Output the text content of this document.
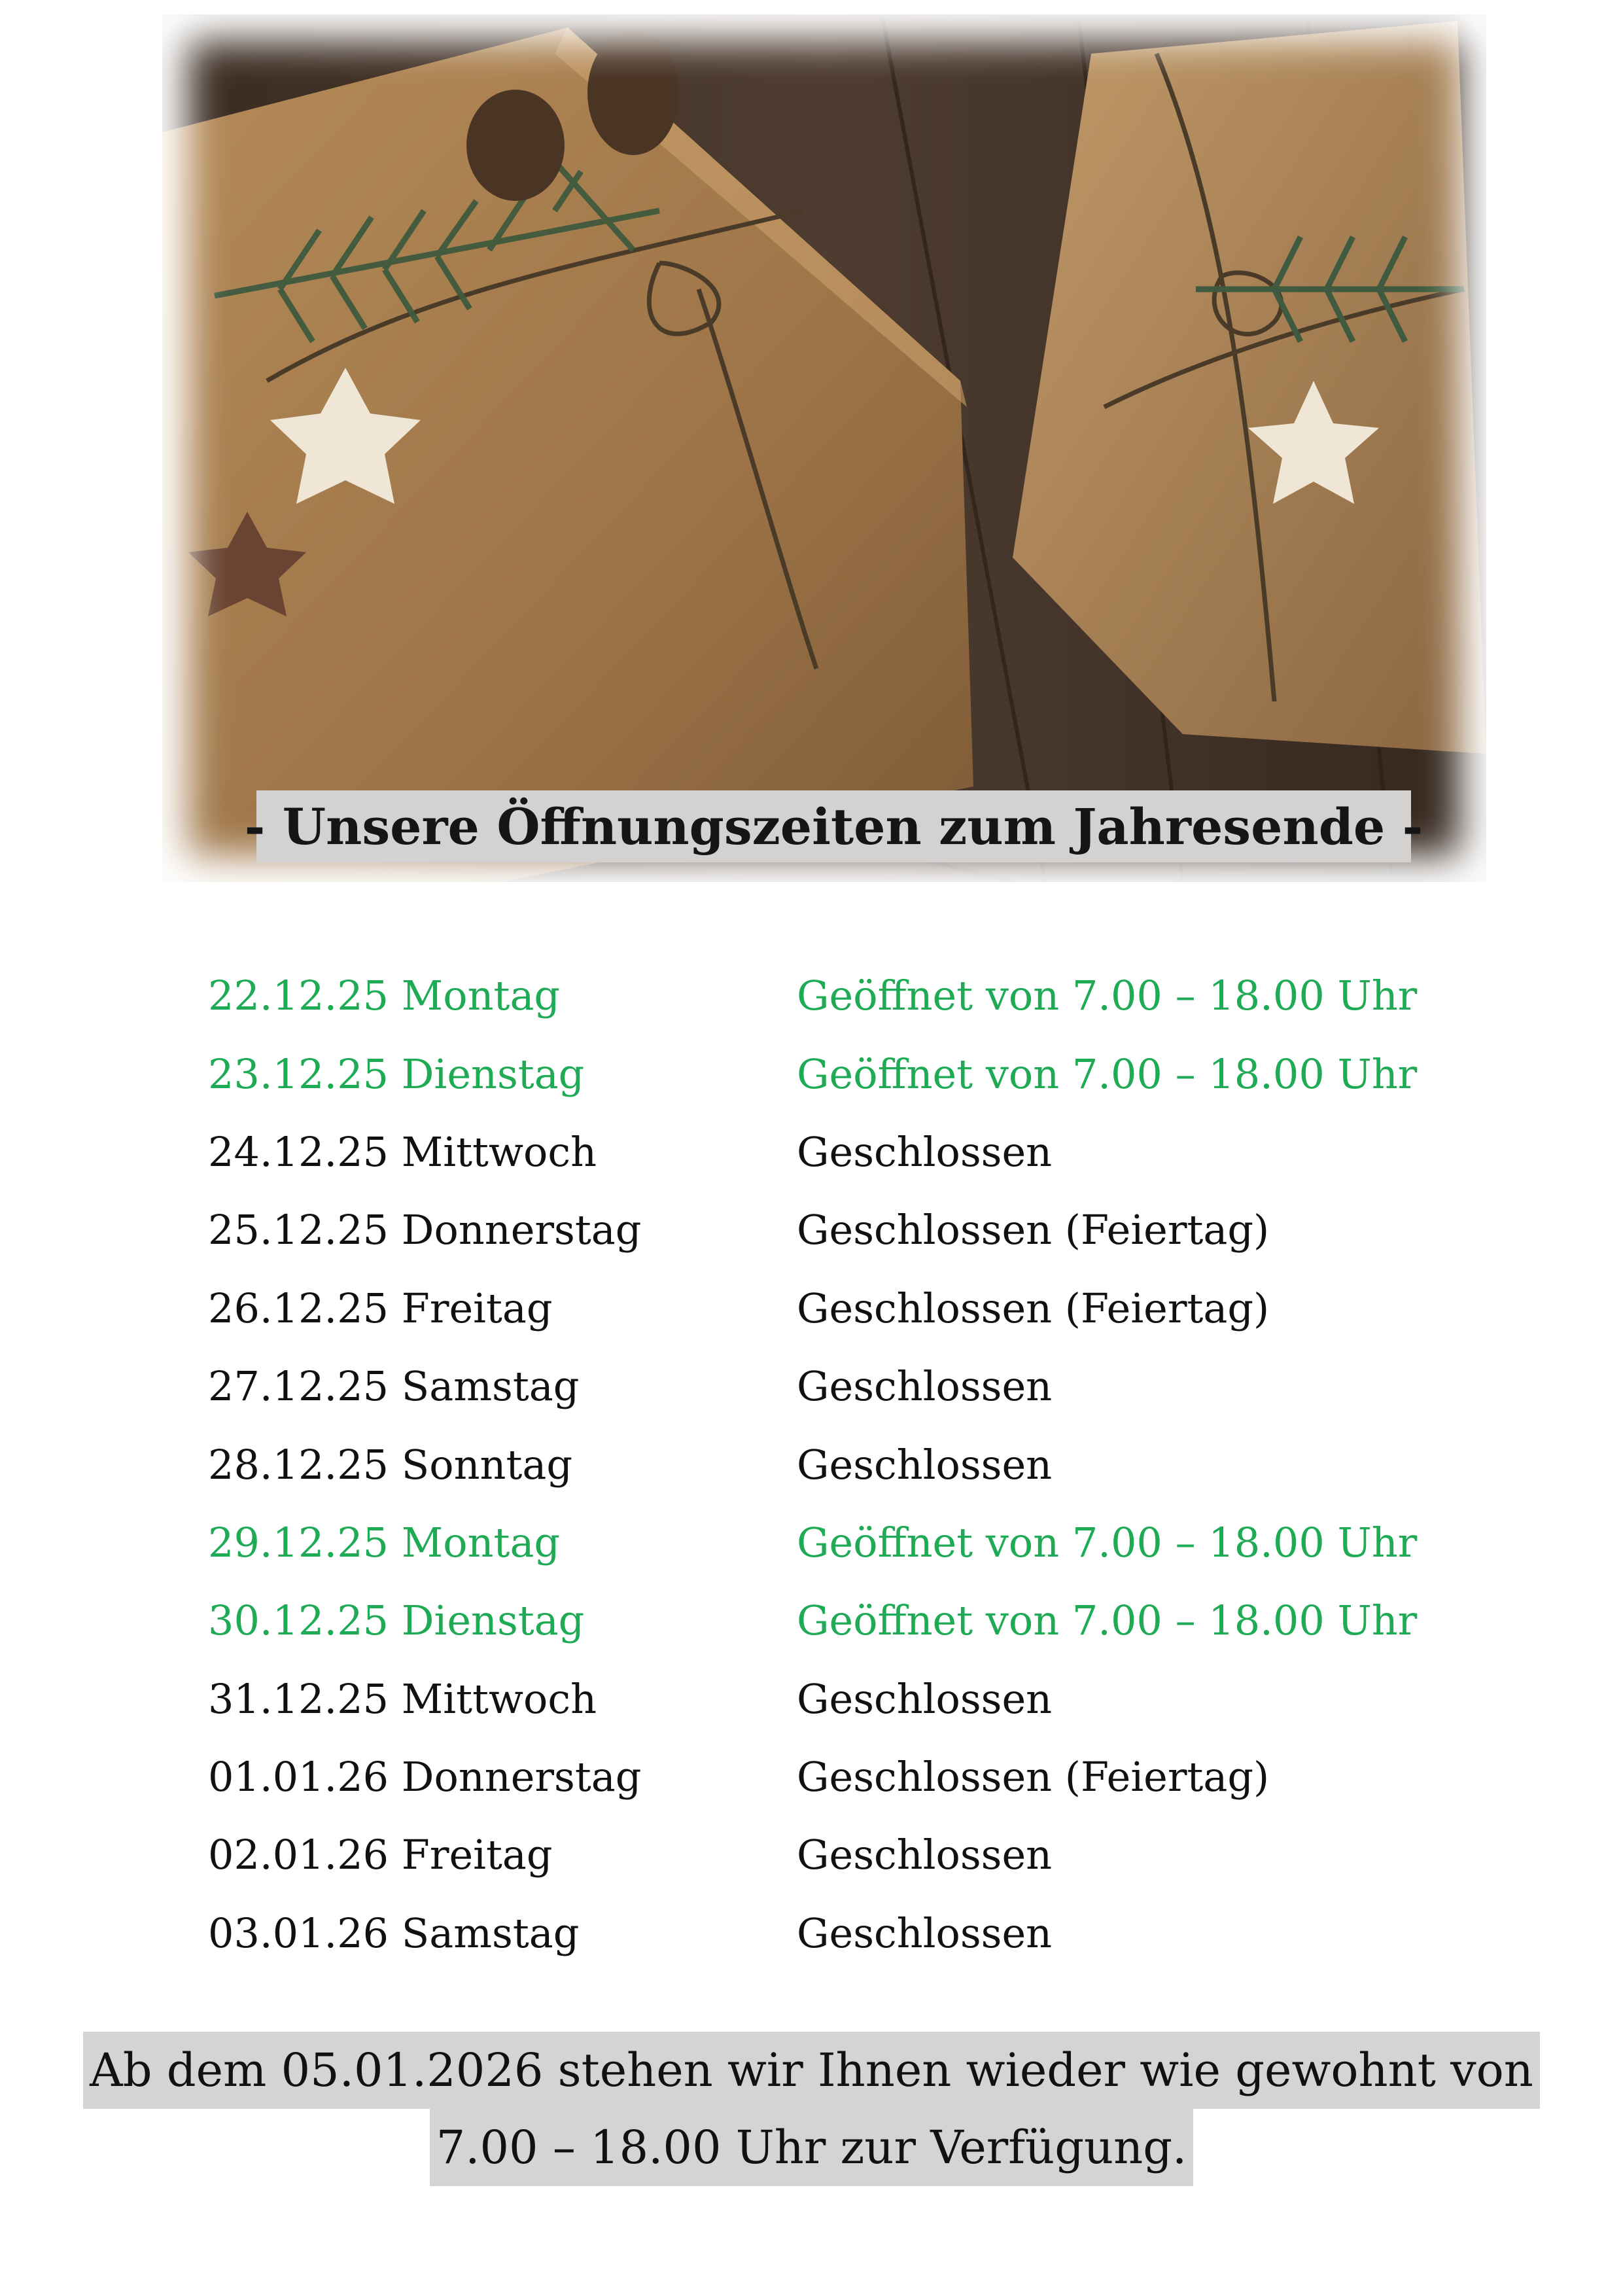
- Unsere Öffnungszeiten zum Jahresende -
22.12.25 Montag	Geöffnet von 7.00 – 18.00 Uhr
23.12.25 Dienstag	Geöffnet von 7.00 – 18.00 Uhr
24.12.25 Mittwoch	Geschlossen
25.12.25 Donnerstag	Geschlossen (Feiertag)
26.12.25 Freitag	Geschlossen (Feiertag)
27.12.25 Samstag	Geschlossen
28.12.25 Sonntag	Geschlossen
29.12.25 Montag	Geöffnet von 7.00 – 18.00 Uhr
30.12.25 Dienstag	Geöffnet von 7.00 – 18.00 Uhr
31.12.25 Mittwoch	Geschlossen
01.01.26 Donnerstag	Geschlossen (Feiertag)
02.01.26 Freitag	Geschlossen
03.01.26 Samstag	Geschlossen
Ab dem 05.01.2026 stehen wir Ihnen wieder wie gewohnt von
7.00 – 18.00 Uhr zur Verfügung.
